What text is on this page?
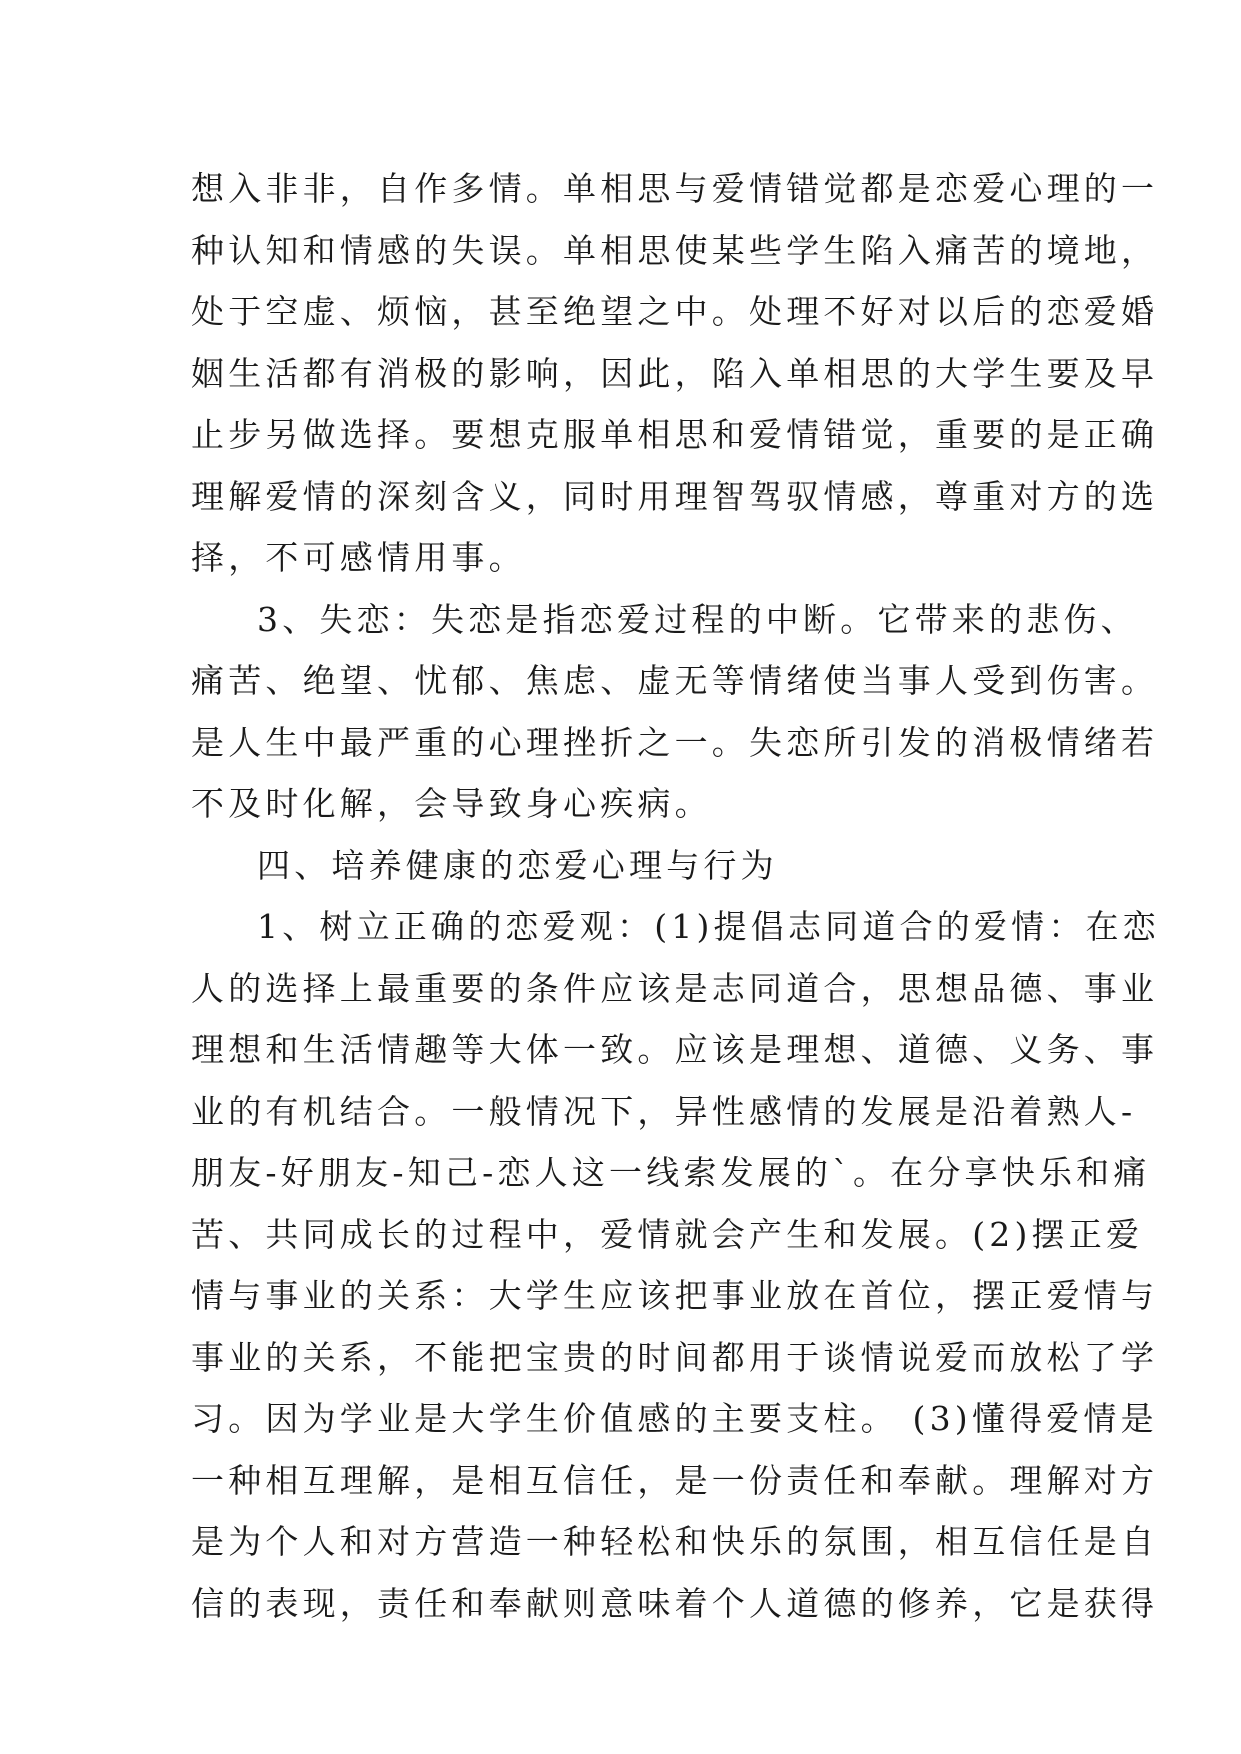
想入非非，自作多情。单相思与爱情错觉都是恋爱心理的一
种认知和情感的失误。单相思使某些学生陷入痛苦的境地，
处于空虚、烦恼，甚至绝望之中。处理不好对以后的恋爱婚
姻生活都有消极的影响，因此，陷入单相思的大学生要及早
止步另做选择。要想克服单相思和爱情错觉，重要的是正确
理解爱情的深刻含义，同时用理智驾驭情感，尊重对方的选
择，不可感情用事。
3、失恋：失恋是指恋爱过程的中断。它带来的悲伤、
痛苦、绝望、忧郁、焦虑、虚无等情绪使当事人受到伤害。
是人生中最严重的心理挫折之一。失恋所引发的消极情绪若
不及时化解，会导致身心疾病。
四、培养健康的恋爱心理与行为
1、树立正确的恋爱观：(1)提倡志同道合的爱情：在恋
人的选择上最重要的条件应该是志同道合，思想品德、事业
理想和生活情趣等大体一致。应该是理想、道德、义务、事
业的有机结合。一般情况下，异性感情的发展是沿着熟人-
朋友-好朋友-知己-恋人这一线索发展的`。在分享快乐和痛
苦、共同成长的过程中，爱情就会产生和发展。(2)摆正爱
情与事业的关系：大学生应该把事业放在首位，摆正爱情与
事业的关系，不能把宝贵的时间都用于谈情说爱而放松了学
习。因为学业是大学生价值感的主要支柱。 (3)懂得爱情是
一种相互理解，是相互信任，是一份责任和奉献。理解对方
是为个人和对方营造一种轻松和快乐的氛围，相互信任是自
信的表现，责任和奉献则意味着个人道德的修养，它是获得
